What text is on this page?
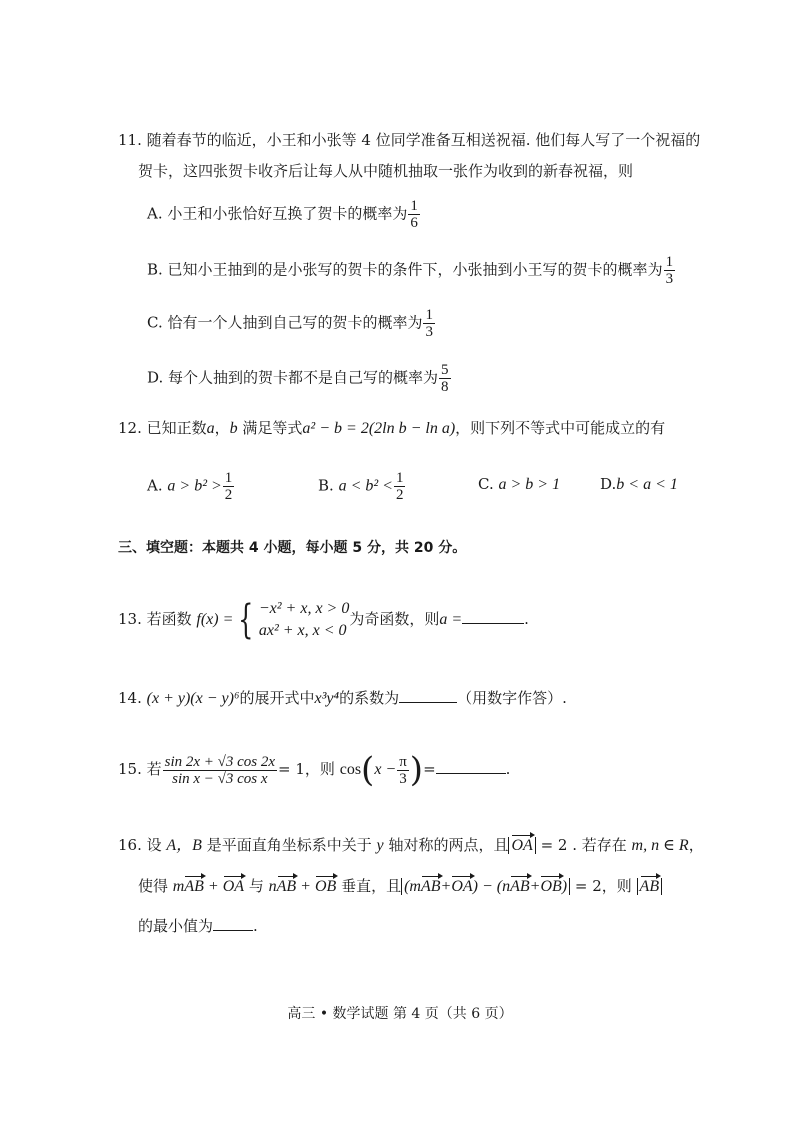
11. 随着春节的临近，小王和小张等 4 位同学准备互相送祝福. 他们每人写了一个祝福的
贺卡，这四张贺卡收齐后让每人从中随机抽取一张作为收到的新春祝福，则
A. 小王和小张恰好互换了贺卡的概率为 $\frac{1}{6}$
B. 已知小王抽到的是小张写的贺卡的条件下，小张抽到小王写的贺卡的概率为 $\frac{1}{3}$
C. 恰有一个人抽到自己写的贺卡的概率为 $\frac{1}{3}$
D. 每个人抽到的贺卡都不是自己写的概率为 $\frac{5}{8}$
12. 已知正数a，b 满足等式a² − b = 2(2ln b − ln a)，则下列不等式中可能成立的有
A. $a > b^2 > \frac{1}{2}$	B. $a < b^2 < \frac{1}{2}$	C. a > b > 1	D.b < a < 1
三、填空题：本题共 4 小题，每小题 5 分，共 20 分。
13. 若函数 f(x) = { −x² + x, x > 0
ax² + x, x < 0
为奇函数，则a =	.
14. (x + y)(x − y)⁶的展开式中x³y⁴的系数为	（用数字作答）.
15. 若 $\frac{\sin 2x + √3 \cos 2x}{\text{sin x − √3 cos x}} = 1$，则 $\cos(x - \frac{\pi}{3}$ )=	.
16. 设 A，B 是平面直角坐标系中关于 y 轴对称的两点，且 OA = 2 . 若存在 m, n ∈ R，
使得 mAB + OA 与 nAB + OB 垂直，且 (mAB+OA) − (nAB+OB) = 2，则 AB
的最小值为	.
高三 • 数学试题 第 4 页（共 6 页）
